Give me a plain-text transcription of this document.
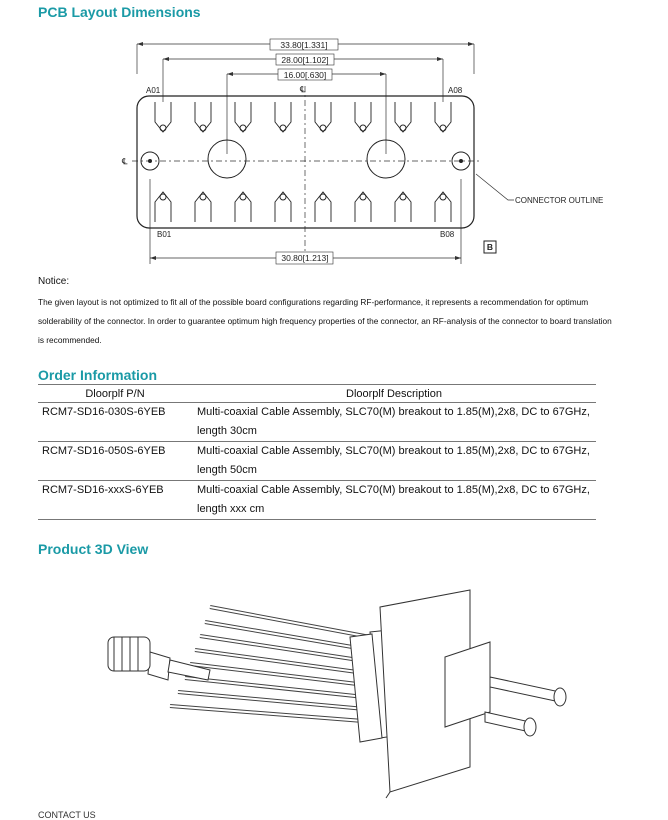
PCB Layout Dimensions
33.80[1.331]
28.00[1.102]
16.00[.630]
30.80[1.213]
A01	A08
B01	B08
℄
℄
CONNECTOR OUTLINE
B

Notice:

The given layout is not optimized to fit all of the possible board configurations regarding RF-performance, it represents a recommendation for optimum solderability of the connector. In order to guarantee optimum high frequency properties of the connector, an RF-analysis of the connector to board translation is recommended.

Order Information
Dloorplf P/N	Dloorplf Description
RCM7-SD16-030S-6YEB	Multi-coaxial Cable Assembly, SLC70(M) breakout to 1.85(M),2x8, DC to 67GHz, length 30cm
RCM7-SD16-050S-6YEB	Multi-coaxial Cable Assembly, SLC70(M) breakout to 1.85(M),2x8, DC to 67GHz, length 50cm
RCM7-SD16-xxxS-6YEB	Multi-coaxial Cable Assembly, SLC70(M) breakout to 1.85(M),2x8, DC to 67GHz, length xxx cm
Product 3D View
CONTACT US
